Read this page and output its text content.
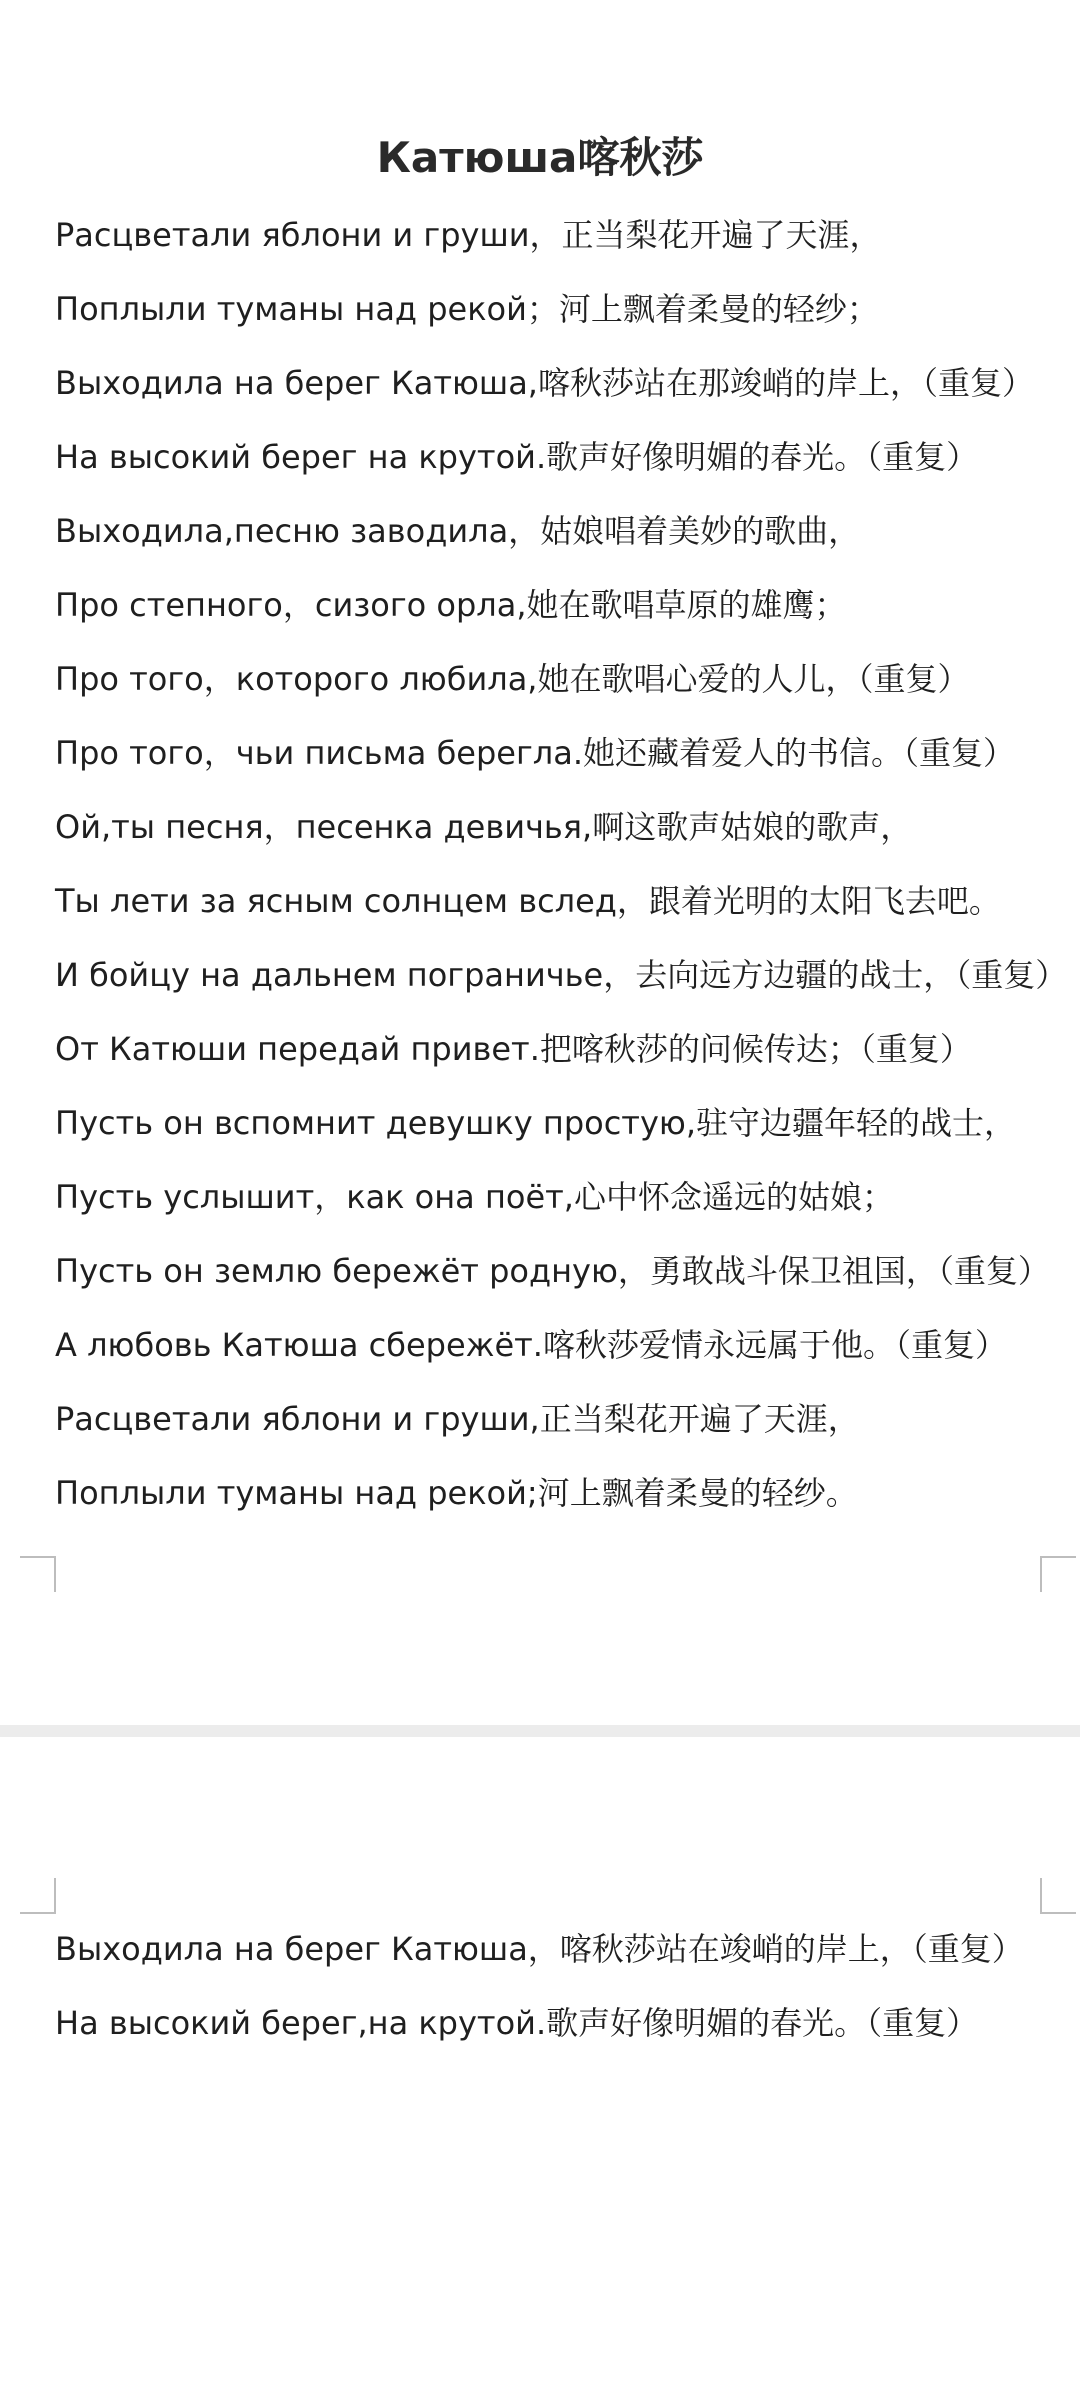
Катюша喀秋莎
Расцветали яблони и груши，正当梨花开遍了天涯，
Поплыли туманы над рекой；河上飘着柔曼的轻纱；
Выходила на берег Катюша,喀秋莎站在那竣峭的岸上，（重复）
На высокий берег на крутой.歌声好像明媚的春光。（重复）
Выходила,песню заводила，姑娘唱着美妙的歌曲，
Про степного，сизого орла,她在歌唱草原的雄鹰；
Про того，которого любила,她在歌唱心爱的人儿，（重复）
Про того，чьи письма берегла.她还藏着爱人的书信。（重复）
Ой,ты песня，песенка девичья,啊这歌声姑娘的歌声，
Ты лети за ясным солнцем вслед，跟着光明的太阳飞去吧。
И бойцу на дальнем пограничье，去向远方边疆的战士，（重复）
От Катюши передай привет.把喀秋莎的问候传达；（重复）
Пусть он вспомнит девушку простую,驻守边疆年轻的战士，
Пусть услышит，как она поёт,心中怀念遥远的姑娘；
Пусть он землю бережёт родную，勇敢战斗保卫祖国，（重复）
А любовь Катюша сбережёт.喀秋莎爱情永远属于他。（重复）
Расцветали яблони и груши,正当梨花开遍了天涯，
Поплыли туманы над рекой;河上飘着柔曼的轻纱。
Выходила на берег Катюша，喀秋莎站在竣峭的岸上，（重复）
На высокий берег,на крутой.歌声好像明媚的春光。（重复）
